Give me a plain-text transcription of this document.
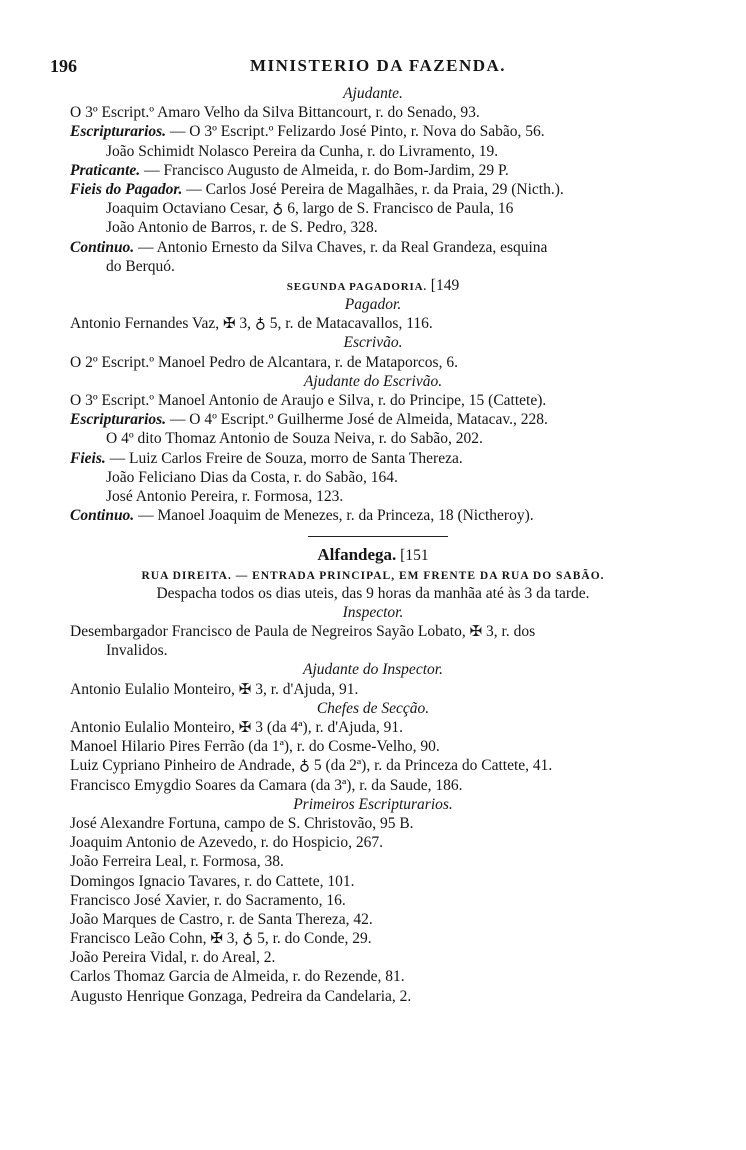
196	MINISTERIO DA FAZENDA.
Ajudante.
O 3º Escript.º Amaro Velho da Silva Bittancourt, r. do Senado, 93.
Escripturarios. — O 3º Escript.º Felizardo José Pinto, r. Nova do Sabão, 56.
João Schimidt Nolasco Pereira da Cunha, r. do Livramento, 19.
Praticante. — Francisco Augusto de Almeida, r. do Bom-Jardim, 29 P.
Fieis do Pagador. — Carlos José Pereira de Magalhães, r. da Praia, 29 (Nicth.).
Joaquim Octaviano Cesar, ♁ 6, largo de S. Francisco de Paula, 16
João Antonio de Barros, r. de S. Pedro, 328.
Continuo. — Antonio Ernesto da Silva Chaves, r. da Real Grandeza, esquina
do Berquó.
SEGUNDA PAGADORIA. [149
Pagador.
Antonio Fernandes Vaz, ✠ 3, ♁ 5, r. de Matacavallos, 116.
Escrivão.
O 2º Escript.º Manoel Pedro de Alcantara, r. de Mataporcos, 6.
Ajudante do Escrivão.
O 3º Escript.º Manoel Antonio de Araujo e Silva, r. do Principe, 15 (Cattete).
Escripturarios. — O 4º Escript.º Guilherme José de Almeida, Matacav., 228.
O 4º dito Thomaz Antonio de Souza Neiva, r. do Sabão, 202.
Fieis. — Luiz Carlos Freire de Souza, morro de Santa Thereza.
João Feliciano Dias da Costa, r. do Sabão, 164.
José Antonio Pereira, r. Formosa, 123.
Continuo. — Manoel Joaquim de Menezes, r. da Princeza, 18 (Nictheroy).
Alfandega. [151
RUA DIREITA. — ENTRADA PRINCIPAL, EM FRENTE DA RUA DO SABÃO.
Despacha todos os dias uteis, das 9 horas da manhãa até às 3 da tarde.
Inspector.
Desembargador Francisco de Paula de Negreiros Sayão Lobato, ✠ 3, r. dos
Invalidos.
Ajudante do Inspector.
Antonio Eulalio Monteiro, ✠ 3, r. d'Ajuda, 91.
Chefes de Secção.
Antonio Eulalio Monteiro, ✠ 3 (da 4ª), r. d'Ajuda, 91.
Manoel Hilario Pires Ferrão (da 1ª), r. do Cosme-Velho, 90.
Luiz Cypriano Pinheiro de Andrade, ♁ 5 (da 2ª), r. da Princeza do Cattete, 41.
Francisco Emygdio Soares da Camara (da 3ª), r. da Saude, 186.
Primeiros Escripturarios.
José Alexandre Fortuna, campo de S. Christovão, 95 B.
Joaquim Antonio de Azevedo, r. do Hospicio, 267.
João Ferreira Leal, r. Formosa, 38.
Domingos Ignacio Tavares, r. do Cattete, 101.
Francisco José Xavier, r. do Sacramento, 16.
João Marques de Castro, r. de Santa Thereza, 42.
Francisco Leão Cohn, ✠ 3, ♁ 5, r. do Conde, 29.
João Pereira Vidal, r. do Areal, 2.
Carlos Thomaz Garcia de Almeida, r. do Rezende, 81.
Augusto Henrique Gonzaga, Pedreira da Candelaria, 2.
